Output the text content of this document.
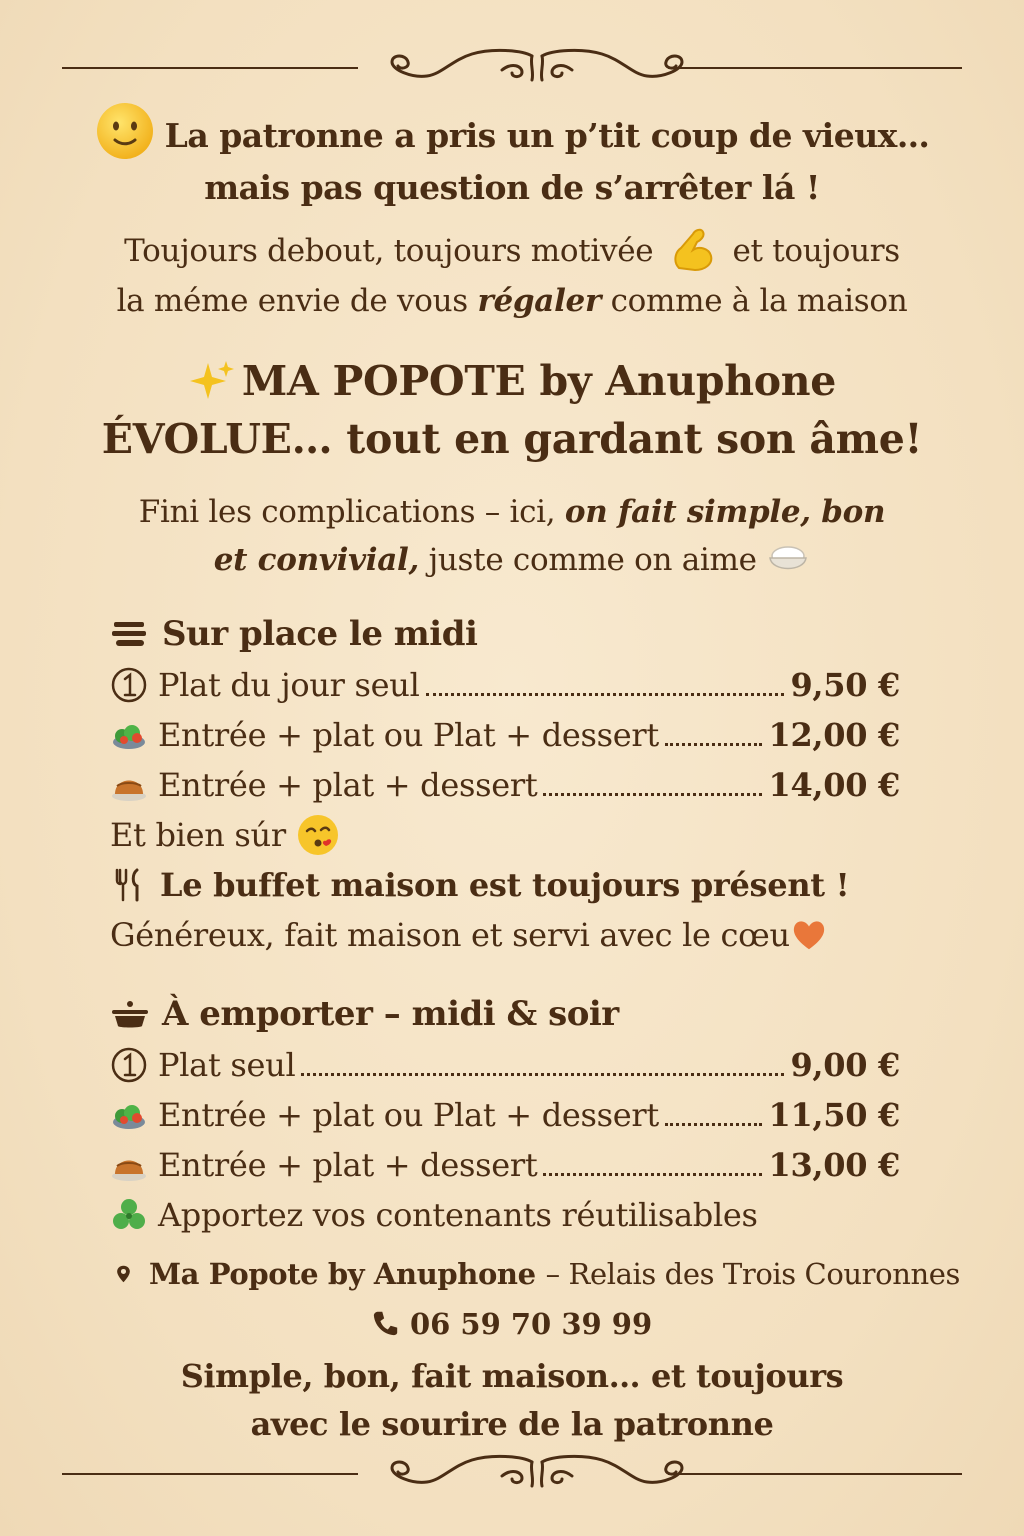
La patronne a pris un p’tit coup de vieux…
mais pas question de s’arrêter lá !
Toujours debout, toujours motivée	et toujours
la méme envie de vous régaler comme à la maison
MA POPOTE by Anuphone
ÉVOLUE… tout en gardant son âme!
Fini les complications – ici, on fait simple, bon
et convivial, juste comme on aime
Sur place le midi
Plat du jour seul	9,50 €
Entrée + plat ou Plat + dessert	12,00 €
Entrée + plat + dessert	14,00 €
Et bien súr
Le buffet maison est toujours présent !
Généreux, fait maison et servi avec le cœu
À emporter – midi & soir
Plat seul	9,00 €
Entrée + plat ou Plat + dessert	11,50 €
Entrée + plat + dessert	13,00 €
Apportez vos contenants réutilisables
Ma Popote by Anuphone – Relais des Trois Couronnes
06 59 70 39 99
Simple, bon, fait maison… et toujours
avec le sourire de la patronne
